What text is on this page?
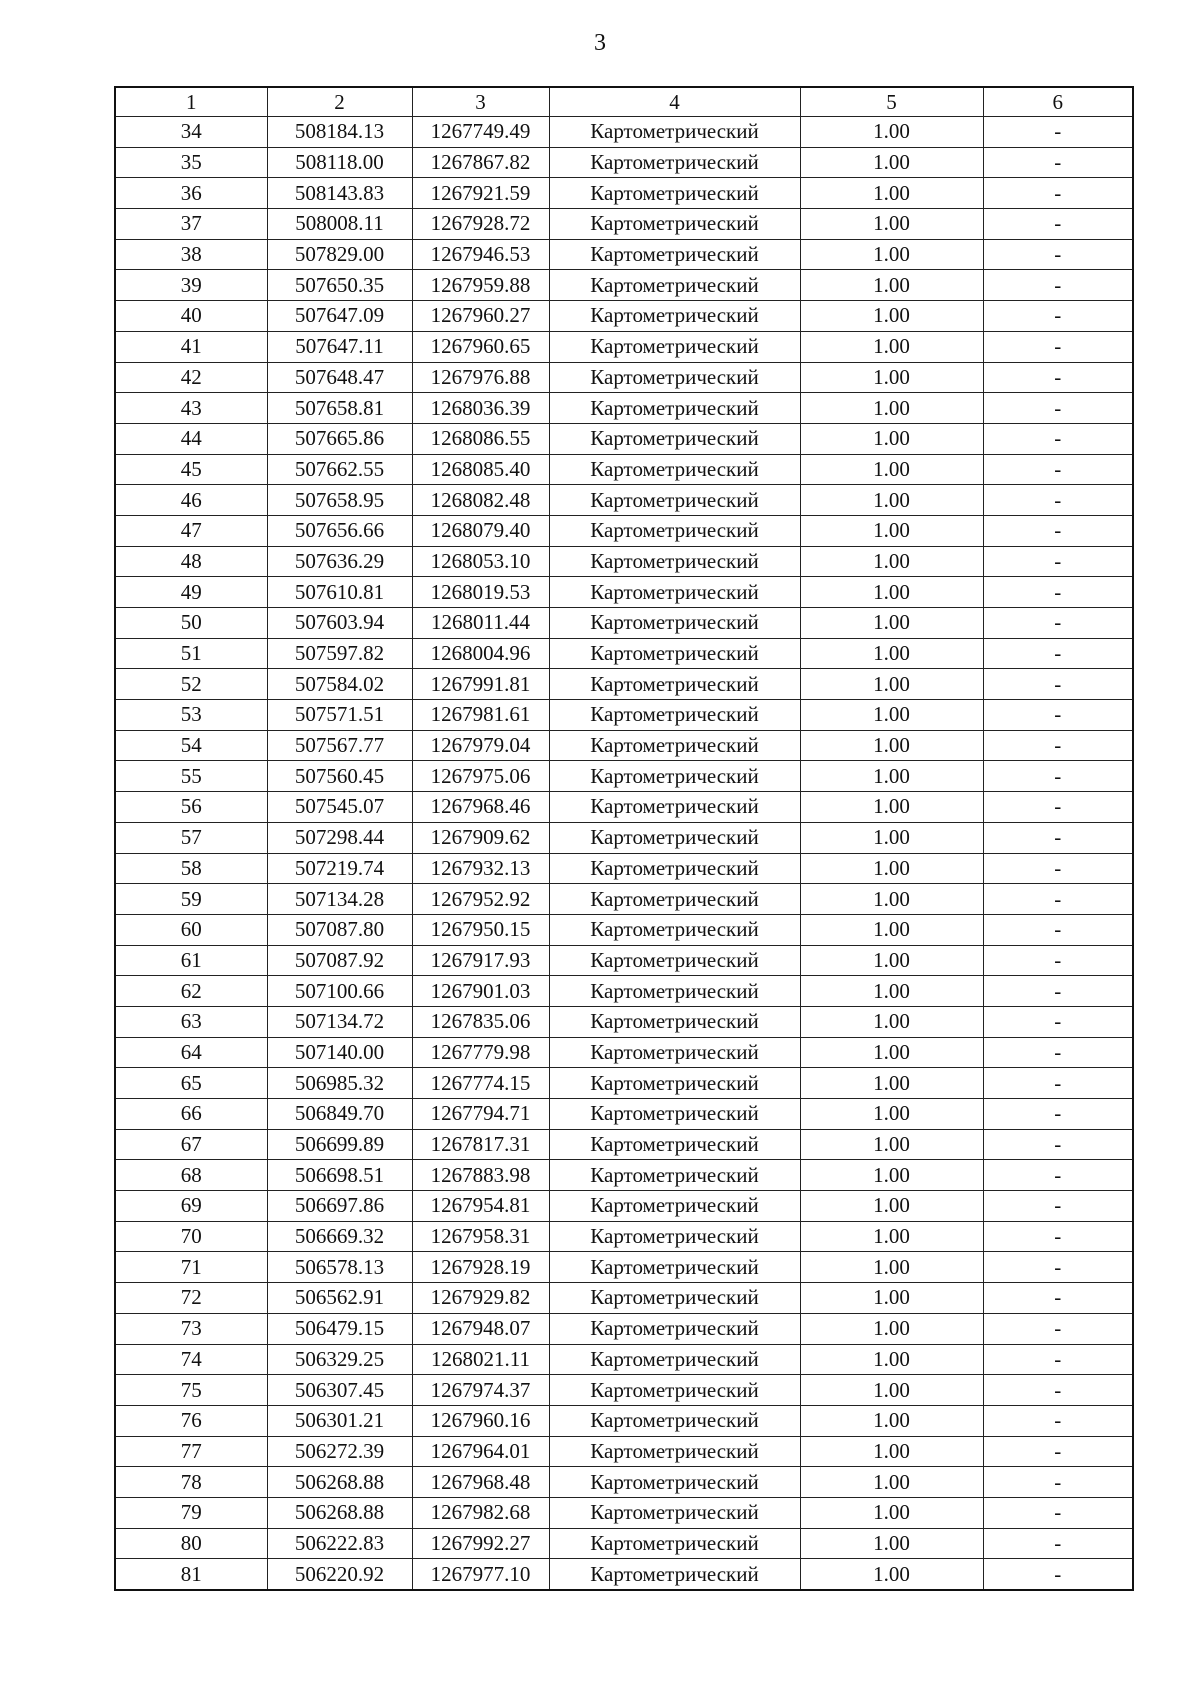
3
1	2	3	4	5	6
34	508184.13	1267749.49	Картометрический	1.00	-
35	508118.00	1267867.82	Картометрический	1.00	-
36	508143.83	1267921.59	Картометрический	1.00	-
37	508008.11	1267928.72	Картометрический	1.00	-
38	507829.00	1267946.53	Картометрический	1.00	-
39	507650.35	1267959.88	Картометрический	1.00	-
40	507647.09	1267960.27	Картометрический	1.00	-
41	507647.11	1267960.65	Картометрический	1.00	-
42	507648.47	1267976.88	Картометрический	1.00	-
43	507658.81	1268036.39	Картометрический	1.00	-
44	507665.86	1268086.55	Картометрический	1.00	-
45	507662.55	1268085.40	Картометрический	1.00	-
46	507658.95	1268082.48	Картометрический	1.00	-
47	507656.66	1268079.40	Картометрический	1.00	-
48	507636.29	1268053.10	Картометрический	1.00	-
49	507610.81	1268019.53	Картометрический	1.00	-
50	507603.94	1268011.44	Картометрический	1.00	-
51	507597.82	1268004.96	Картометрический	1.00	-
52	507584.02	1267991.81	Картометрический	1.00	-
53	507571.51	1267981.61	Картометрический	1.00	-
54	507567.77	1267979.04	Картометрический	1.00	-
55	507560.45	1267975.06	Картометрический	1.00	-
56	507545.07	1267968.46	Картометрический	1.00	-
57	507298.44	1267909.62	Картометрический	1.00	-
58	507219.74	1267932.13	Картометрический	1.00	-
59	507134.28	1267952.92	Картометрический	1.00	-
60	507087.80	1267950.15	Картометрический	1.00	-
61	507087.92	1267917.93	Картометрический	1.00	-
62	507100.66	1267901.03	Картометрический	1.00	-
63	507134.72	1267835.06	Картометрический	1.00	-
64	507140.00	1267779.98	Картометрический	1.00	-
65	506985.32	1267774.15	Картометрический	1.00	-
66	506849.70	1267794.71	Картометрический	1.00	-
67	506699.89	1267817.31	Картометрический	1.00	-
68	506698.51	1267883.98	Картометрический	1.00	-
69	506697.86	1267954.81	Картометрический	1.00	-
70	506669.32	1267958.31	Картометрический	1.00	-
71	506578.13	1267928.19	Картометрический	1.00	-
72	506562.91	1267929.82	Картометрический	1.00	-
73	506479.15	1267948.07	Картометрический	1.00	-
74	506329.25	1268021.11	Картометрический	1.00	-
75	506307.45	1267974.37	Картометрический	1.00	-
76	506301.21	1267960.16	Картометрический	1.00	-
77	506272.39	1267964.01	Картометрический	1.00	-
78	506268.88	1267968.48	Картометрический	1.00	-
79	506268.88	1267982.68	Картометрический	1.00	-
80	506222.83	1267992.27	Картометрический	1.00	-
81	506220.92	1267977.10	Картометрический	1.00	-
